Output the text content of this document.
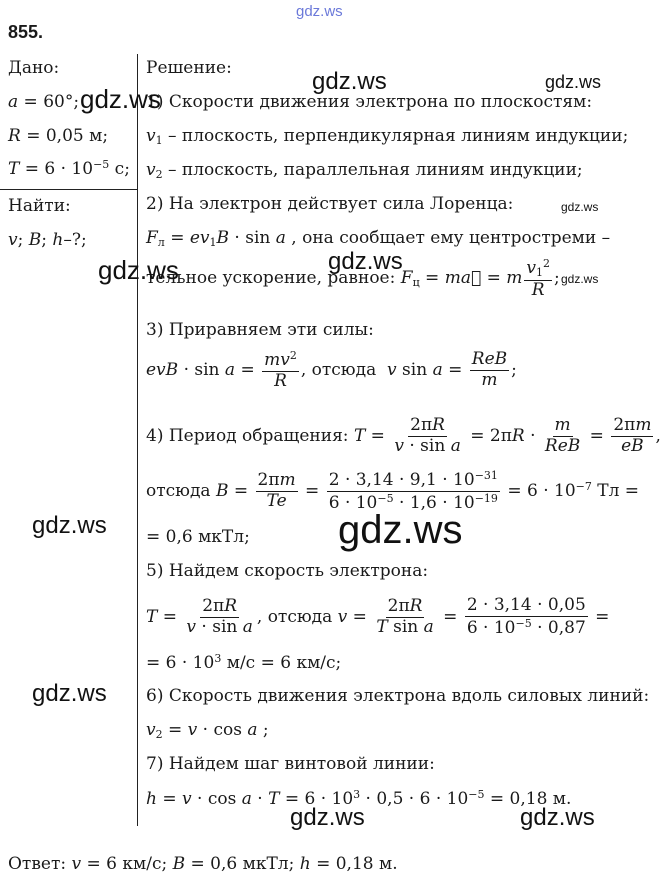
gdz.ws
855.
Дано:
a = 60°;
R = 0,05 м;
$T = 6 \cdot 10^{-5}$ с;
Найти:
v; B; h–?;
Решение:
1) Скорости движения электрона по плоскостям:
$v_1$ – плоскость, перпендикулярная линиям индукции;
$v_2$ – плоскость, параллельная линиям индукции;
2) На электрон действует сила Лоренца:
$F_л = ev_1B \cdot \sin a$ , она сообщает ему центростреми –
тельное ускорение, равное: $F_ц$ = ma⃗ = m $\frac{v_1^2}{R}$ ;
3) Приравняем эти силы:
evB · $\sin a = \frac{mv^2}{R}$ , отсюда  v $\sin a = \frac{\text{ReB}}{m}$ ;
4) Период обращения: $T = \frac{2\pi R}{\text{v · sin a}} = 2\pi R \cdot \frac{m}{\text{ReB}} = \frac{2\pi m}{eB}$ ,
отсюда $B = \frac{2\pi m}{Te} = \frac{2 \cdot 3,14 \cdot 9,1 \cdot 10^{-31}}{6 \cdot 10^{-5} \cdot 1,6 \cdot 10^{-19}} = 6 \cdot 10^{-7}$ Тл =
= 0,6 мкТл;
5) Найдем скорость электрона:
$T = \frac{2\pi R}{\text{v · sin a}}$ , отсюда $v = \frac{2\pi R}{\text{T sin a}} = \frac{2 \cdot 3,14 \cdot 0,05}{6 \cdot 10^{-5} \cdot 0,87}$ =
= $6 \cdot 10^3$ м/с = 6 км/с;
6) Скорость движения электрона вдоль силовых линий:
$v_2 = v \cdot \cos a$ ;
7) Найдем шаг винтовой линии:
$h = v \cdot \cos a \cdot T = 6 \cdot 10^3 \cdot 0,5 \cdot 6 \cdot 10^{-5} = 0,18$ м.
Ответ: v = 6 км/с; B = 0,6 мкТл; h = 0,18 м.
gdz.ws
gdz.ws	gdz.ws
gdz.ws
gdz.ws	gdz.ws
gdz.ws
gdz.ws	gdz.ws
gdz.ws
gdz.ws	gdz.ws
